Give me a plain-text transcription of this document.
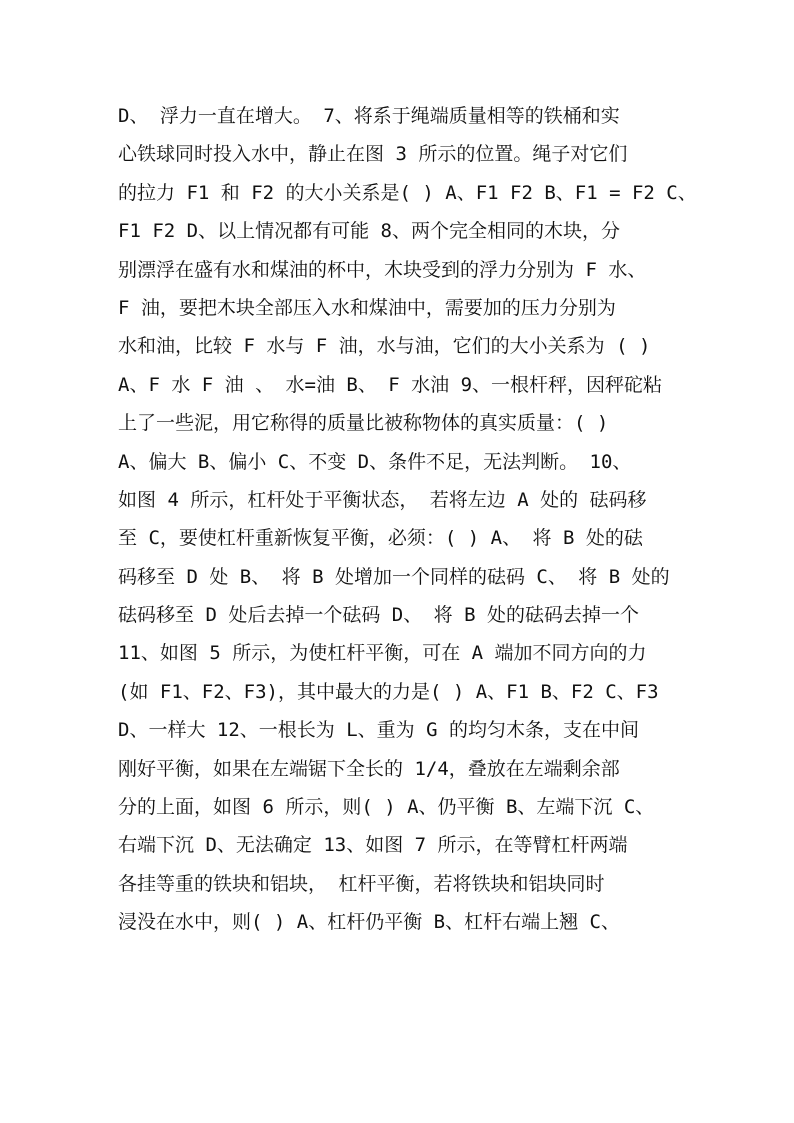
D、 浮力一直在增大。 7、将系于绳端质量相等的铁桶和实
心铁球同时投入水中，静止在图 3 所示的位置。绳子对它们
的拉力 F1 和 F2 的大小关系是( ) A、F1 F2 B、F1 = F2 C、
F1 F2 D、以上情况都有可能 8、两个完全相同的木块，分
别漂浮在盛有水和煤油的杯中，木块受到的浮力分别为 F 水、
F 油，要把木块全部压入水和煤油中，需要加的压力分别为
水和油，比较 F 水与 F 油，水与油，它们的大小关系为 ( )
A、F 水 F 油 、 水=油 B、 F 水油 9、一根杆秤，因秤砣粘
上了一些泥，用它称得的质量比被称物体的真实质量：( )
A、偏大 B、偏小 C、不变 D、条件不足，无法判断。 10、
如图 4 所示，杠杆处于平衡状态， 若将左边 A 处的 砝码移
至 C，要使杠杆重新恢复平衡，必须：( ) A、 将 B 处的砝
码移至 D 处 B、 将 B 处增加一个同样的砝码 C、 将 B 处的
砝码移至 D 处后去掉一个砝码 D、 将 B 处的砝码去掉一个
11、如图 5 所示，为使杠杆平衡，可在 A 端加不同方向的力
(如 F1、F2、F3)，其中最大的力是( ) A、F1 B、F2 C、F3
D、一样大 12、一根长为 L、重为 G 的均匀木条，支在中间
刚好平衡，如果在左端锯下全长的 1/4，叠放在左端剩余部
分的上面，如图 6 所示，则( ) A、仍平衡 B、左端下沉 C、
右端下沉 D、无法确定 13、如图 7 所示，在等臂杠杆两端
各挂等重的铁块和铝块， 杠杆平衡，若将铁块和铝块同时
浸没在水中，则( ) A、杠杆仍平衡 B、杠杆右端上翘 C、
